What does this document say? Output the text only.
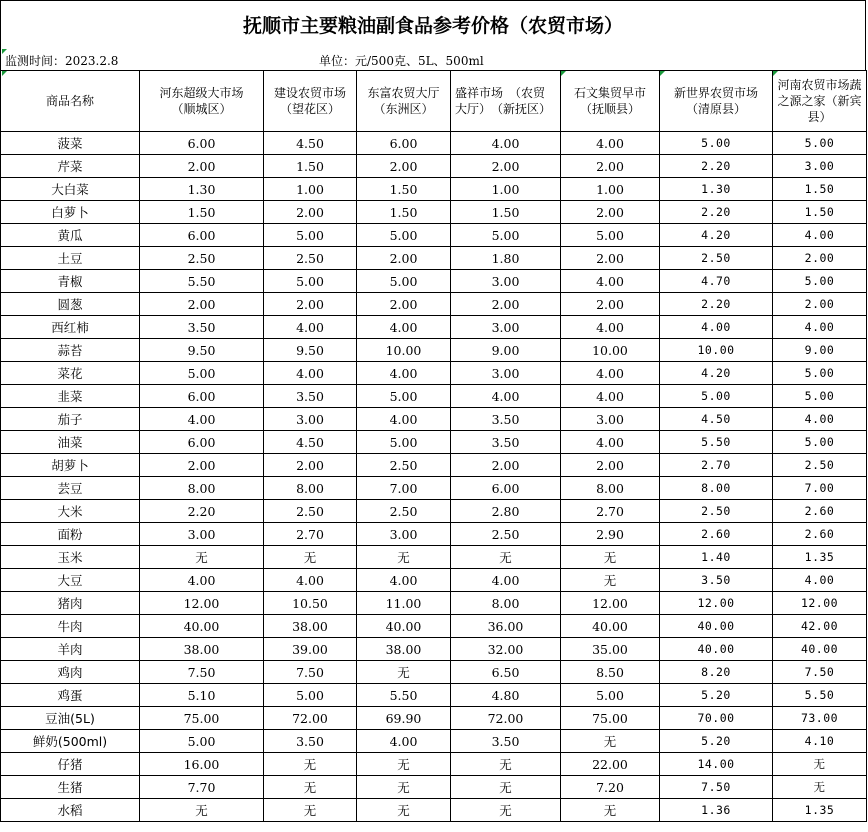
抚顺市主要粮油副食品参考价格（农贸市场）
监测时间：2023.2.8	单位：元/500克、5L、500ml
商品名称	河东超级大市场（顺城区）	建设农贸市场（望花区）	东富农贸大厅（东洲区）	盛祥市场　（农贸大厅）　（新抚区）	石文集贸早市（抚顺县）	新世界农贸市场（清原县）	河南农贸市场蔬之源之家（新宾县）
菠菜	6.00	4.50	6.00	4.00	4.00	5.00	5.00
芹菜	2.00	1.50	2.00	2.00	2.00	2.20	3.00
大白菜	1.30	1.00	1.50	1.00	1.00	1.30	1.50
白萝卜	1.50	2.00	1.50	1.50	2.00	2.20	1.50
黄瓜	6.00	5.00	5.00	5.00	5.00	4.20	4.00
土豆	2.50	2.50	2.00	1.80	2.00	2.50	2.00
青椒	5.50	5.00	5.00	3.00	4.00	4.70	5.00
圆葱	2.00	2.00	2.00	2.00	2.00	2.20	2.00
西红柿	3.50	4.00	4.00	3.00	4.00	4.00	4.00
蒜苔	9.50	9.50	10.00	9.00	10.00	10.00	9.00
菜花	5.00	4.00	4.00	3.00	4.00	4.20	5.00
韭菜	6.00	3.50	5.00	4.00	4.00	5.00	5.00
茄子	4.00	3.00	4.00	3.50	3.00	4.50	4.00
油菜	6.00	4.50	5.00	3.50	4.00	5.50	5.00
胡萝卜	2.00	2.00	2.50	2.00	2.00	2.70	2.50
芸豆	8.00	8.00	7.00	6.00	8.00	8.00	7.00
大米	2.20	2.50	2.50	2.80	2.70	2.50	2.60
面粉	3.00	2.70	3.00	2.50	2.90	2.60	2.60
玉米	无	无	无	无	无	1.40	1.35
大豆	4.00	4.00	4.00	4.00	无	3.50	4.00
猪肉	12.00	10.50	11.00	8.00	12.00	12.00	12.00
牛肉	40.00	38.00	40.00	36.00	40.00	40.00	42.00
羊肉	38.00	39.00	38.00	32.00	35.00	40.00	40.00
鸡肉	7.50	7.50	无	6.50	8.50	8.20	7.50
鸡蛋	5.10	5.00	5.50	4.80	5.00	5.20	5.50
豆油(5L)	75.00	72.00	69.90	72.00	75.00	70.00	73.00
鲜奶(500ml)	5.00	3.50	4.00	3.50	无	5.20	4.10
仔猪	16.00	无	无	无	22.00	14.00	无
生猪	7.70	无	无	无	7.20	7.50	无
水稻	无	无	无	无	无	1.36	1.35
